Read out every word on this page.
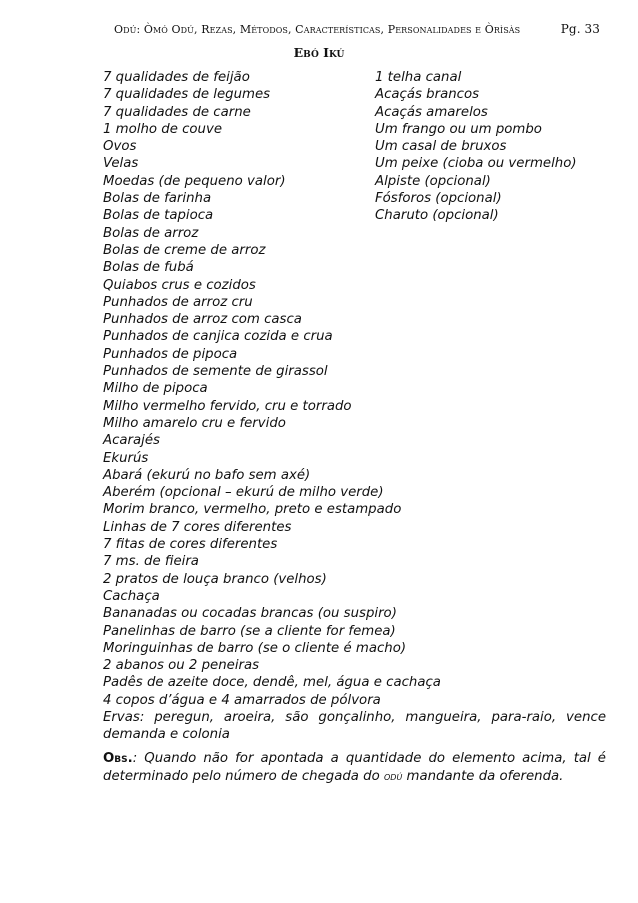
Odú: Òmó Odú, Rezas, Métodos, Características, Personalidades e Òrìsàs	Pg. 33
Ebó Ikú
7 qualidades de feijão
7 qualidades de legumes
7 qualidades de carne
1 molho de couve
Ovos
Velas
Moedas (de pequeno valor)
Bolas de farinha
Bolas de tapioca
Bolas de arroz
Bolas de creme de arroz
Bolas de fubá
Quiabos crus e cozidos
Punhados de arroz cru
Punhados de arroz com casca
Punhados de canjica cozida e crua
Punhados de pipoca
Punhados de semente de girassol
Milho de pipoca
Milho vermelho fervido, cru e torrado
Milho amarelo cru e fervido
Acarajés
Ekurús
Abará (ekurú no bafo sem axé)
Aberém (opcional – ekurú de milho verde)
Morim branco, vermelho, preto e estampado
Linhas de 7 cores diferentes
7 fitas de cores diferentes
7 ms. de fieira
2 pratos de louça branco (velhos)
Cachaça
Bananadas ou cocadas brancas (ou suspiro)
Panelinhas de barro (se a cliente for femea)
Moringuinhas de barro (se o cliente é macho)
2 abanos ou 2 peneiras
Padês de azeite doce, dendê, mel, água e cachaça
4 copos d’água e 4 amarrados de pólvora
Ervas: peregun, aroeira, são gonçalinho, mangueira, para-raio, vence demanda e colonia
1 telha canal
Acaçás brancos
Acaçás amarelos
Um frango ou um pombo
Um casal de bruxos
Um peixe (cioba ou vermelho)
Alpiste (opcional)
Fósforos (opcional)
Charuto (opcional)
Obs.: Quando não for apontada a quantidade do elemento acima, tal é determinado pelo número de chegada do odú mandante da oferenda.
